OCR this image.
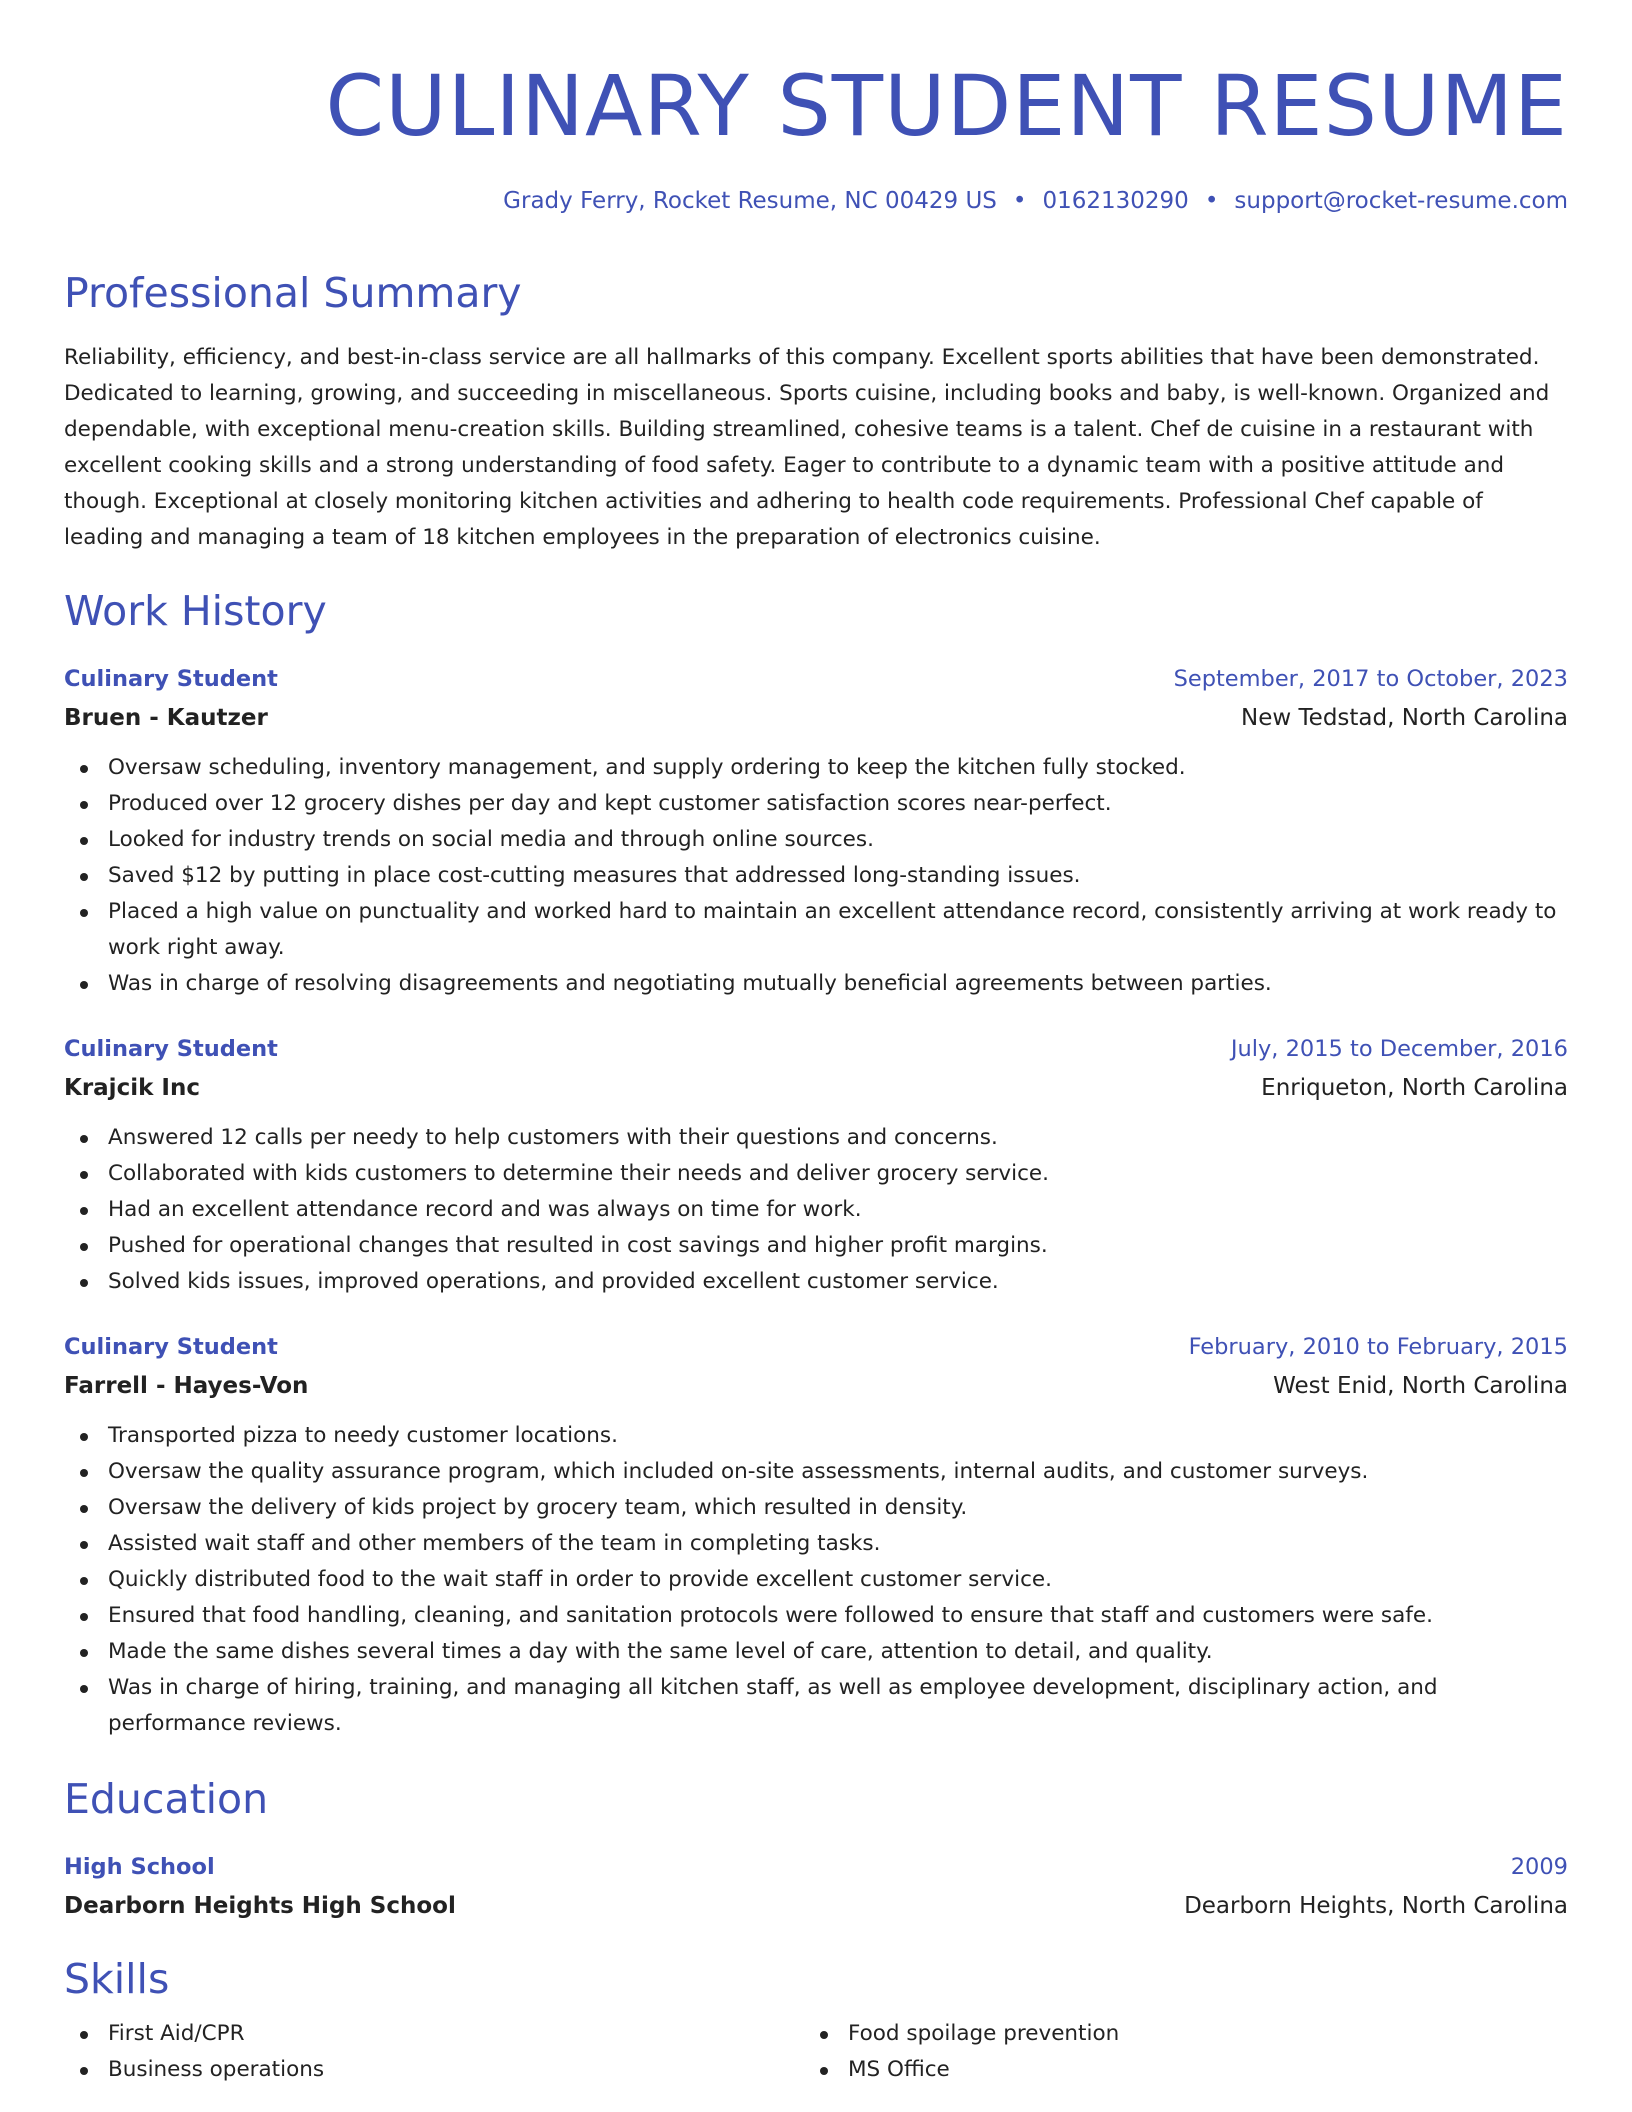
CULINARY STUDENT RESUME
Grady Ferry, Rocket Resume, NC 00429 US • 0162130290 • support@rocket-resume.com
Professional Summary

Reliability, efficiency, and best-in-class service are all hallmarks of this company. Excellent sports abilities that have been demonstrated. Dedicated to learning, growing, and succeeding in miscellaneous. Sports cuisine, including books and baby, is well-known. Organized and dependable, with exceptional menu-creation skills. Building streamlined, cohesive teams is a talent. Chef de cuisine in a restaurant with excellent cooking skills and a strong understanding of food safety. Eager to contribute to a dynamic team with a positive attitude and though. Exceptional at closely monitoring kitchen activities and adhering to health code requirements. Professional Chef capable of leading and managing a team of 18 kitchen employees in the preparation of electronics cuisine.

Work History
Culinary Student	September, 2017 to October, 2023
Bruen - Kautzer	New Tedstad, North Carolina
Oversaw scheduling, inventory management, and supply ordering to keep the kitchen fully stocked.
Produced over 12 grocery dishes per day and kept customer satisfaction scores near-perfect.
Looked for industry trends on social media and through online sources.
Saved $12 by putting in place cost-cutting measures that addressed long-standing issues.
Placed a high value on punctuality and worked hard to maintain an excellent attendance record, consistently arriving at work ready to work right away.
Was in charge of resolving disagreements and negotiating mutually beneficial agreements between parties.
Culinary Student	July, 2015 to December, 2016
Krajcik Inc	Enriqueton, North Carolina
Answered 12 calls per needy to help customers with their questions and concerns.
Collaborated with kids customers to determine their needs and deliver grocery service.
Had an excellent attendance record and was always on time for work.
Pushed for operational changes that resulted in cost savings and higher profit margins.
Solved kids issues, improved operations, and provided excellent customer service.
Culinary Student	February, 2010 to February, 2015
Farrell - Hayes-Von	West Enid, North Carolina
Transported pizza to needy customer locations.
Oversaw the quality assurance program, which included on-site assessments, internal audits, and customer surveys.
Oversaw the delivery of kids project by grocery team, which resulted in density.
Assisted wait staff and other members of the team in completing tasks.
Quickly distributed food to the wait staff in order to provide excellent customer service.
Ensured that food handling, cleaning, and sanitation protocols were followed to ensure that staff and customers were safe.
Made the same dishes several times a day with the same level of care, attention to detail, and quality.
Was in charge of hiring, training, and managing all kitchen staff, as well as employee development, disciplinary action, and performance reviews.
Education
High School	2009
Dearborn Heights High School	Dearborn Heights, North Carolina
Skills
First Aid/CPR	Food spoilage prevention
Business operations	MS Office
